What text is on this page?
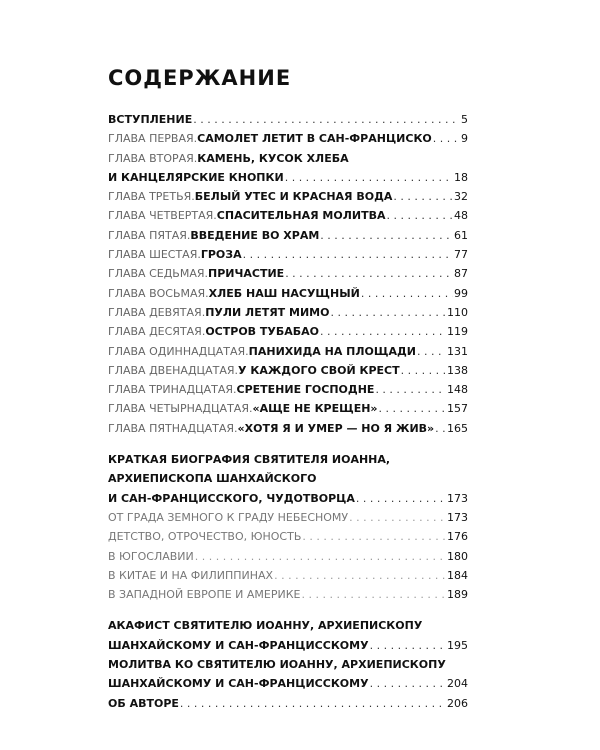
СОДЕРЖАНИЕ
ВСТУПЛЕНИЕ . . .	5
ГЛАВА ПЕРВАЯ. САМОЛЕТ ЛЕТИТ В САН-ФРАНЦИСКО . . .	9
ГЛАВА ВТОРАЯ. КАМЕНЬ, КУСОК ХЛЕБА
И КАНЦЕЛЯРСКИЕ КНОПКИ . . .	18
ГЛАВА ТРЕТЬЯ. БЕЛЫЙ УТЕС И КРАСНАЯ ВОДА . . .	32
ГЛАВА ЧЕТВЕРТАЯ. СПАСИТЕЛЬНАЯ МОЛИТВА . . .	48
ГЛАВА ПЯТАЯ. ВВЕДЕНИЕ ВО ХРАМ . . .	61
ГЛАВА ШЕСТАЯ. ГРОЗА . . .	77
ГЛАВА СЕДЬМАЯ. ПРИЧАСТИЕ . . .	87
ГЛАВА ВОСЬМАЯ. ХЛЕБ НАШ НАСУЩНЫЙ . . .	99
ГЛАВА ДЕВЯТАЯ. ПУЛИ ЛЕТЯТ МИМО . . .	110
ГЛАВА ДЕСЯТАЯ. ОСТРОВ ТУБАБАО . . .	119
ГЛАВА ОДИННАДЦАТАЯ. ПАНИХИДА НА ПЛОЩАДИ . . .	131
ГЛАВА ДВЕНАДЦАТАЯ. У КАЖДОГО СВОЙ КРЕСТ . . .	138
ГЛАВА ТРИНАДЦАТАЯ. СРЕТЕНИЕ ГОСПОДНЕ . . .	148
ГЛАВА ЧЕТЫРНАДЦАТАЯ. «АЩЕ НЕ КРЕЩЕН» . . .	157
ГЛАВА ПЯТНАДЦАТАЯ. «ХОТЯ Я И УМЕР — НО Я ЖИВ» . . . 165
КРАТКАЯ БИОГРАФИЯ СВЯТИТЕЛЯ ИОАННА,
АРХИЕПИСКОПА ШАНХАЙСКОГО
И САН-ФРАНЦИССКОГО, ЧУДОТВОРЦА . . .	173
ОТ ГРАДА ЗЕМНОГО К ГРАДУ НЕБЕСНОМУ . . .	173
ДЕТСТВО, ОТРОЧЕСТВО, ЮНОСТЬ . . .	176
В ЮГОСЛАВИИ . . .	180
В КИТАЕ И НА ФИЛИППИНАХ . . .	184
В ЗАПАДНОЙ ЕВРОПЕ И АМЕРИКЕ . . .	189
АКАФИСТ СВЯТИТЕЛЮ ИОАННУ, АРХИЕПИСКОПУ
ШАНХАЙСКОМУ И САН-ФРАНЦИССКОМУ . . .	195
МОЛИТВА КО СВЯТИТЕЛЮ ИОАННУ, АРХИЕПИСКОПУ
ШАНХАЙСКОМУ И САН-ФРАНЦИССКОМУ . . .	204
ОБ АВТОРЕ . . .	206
